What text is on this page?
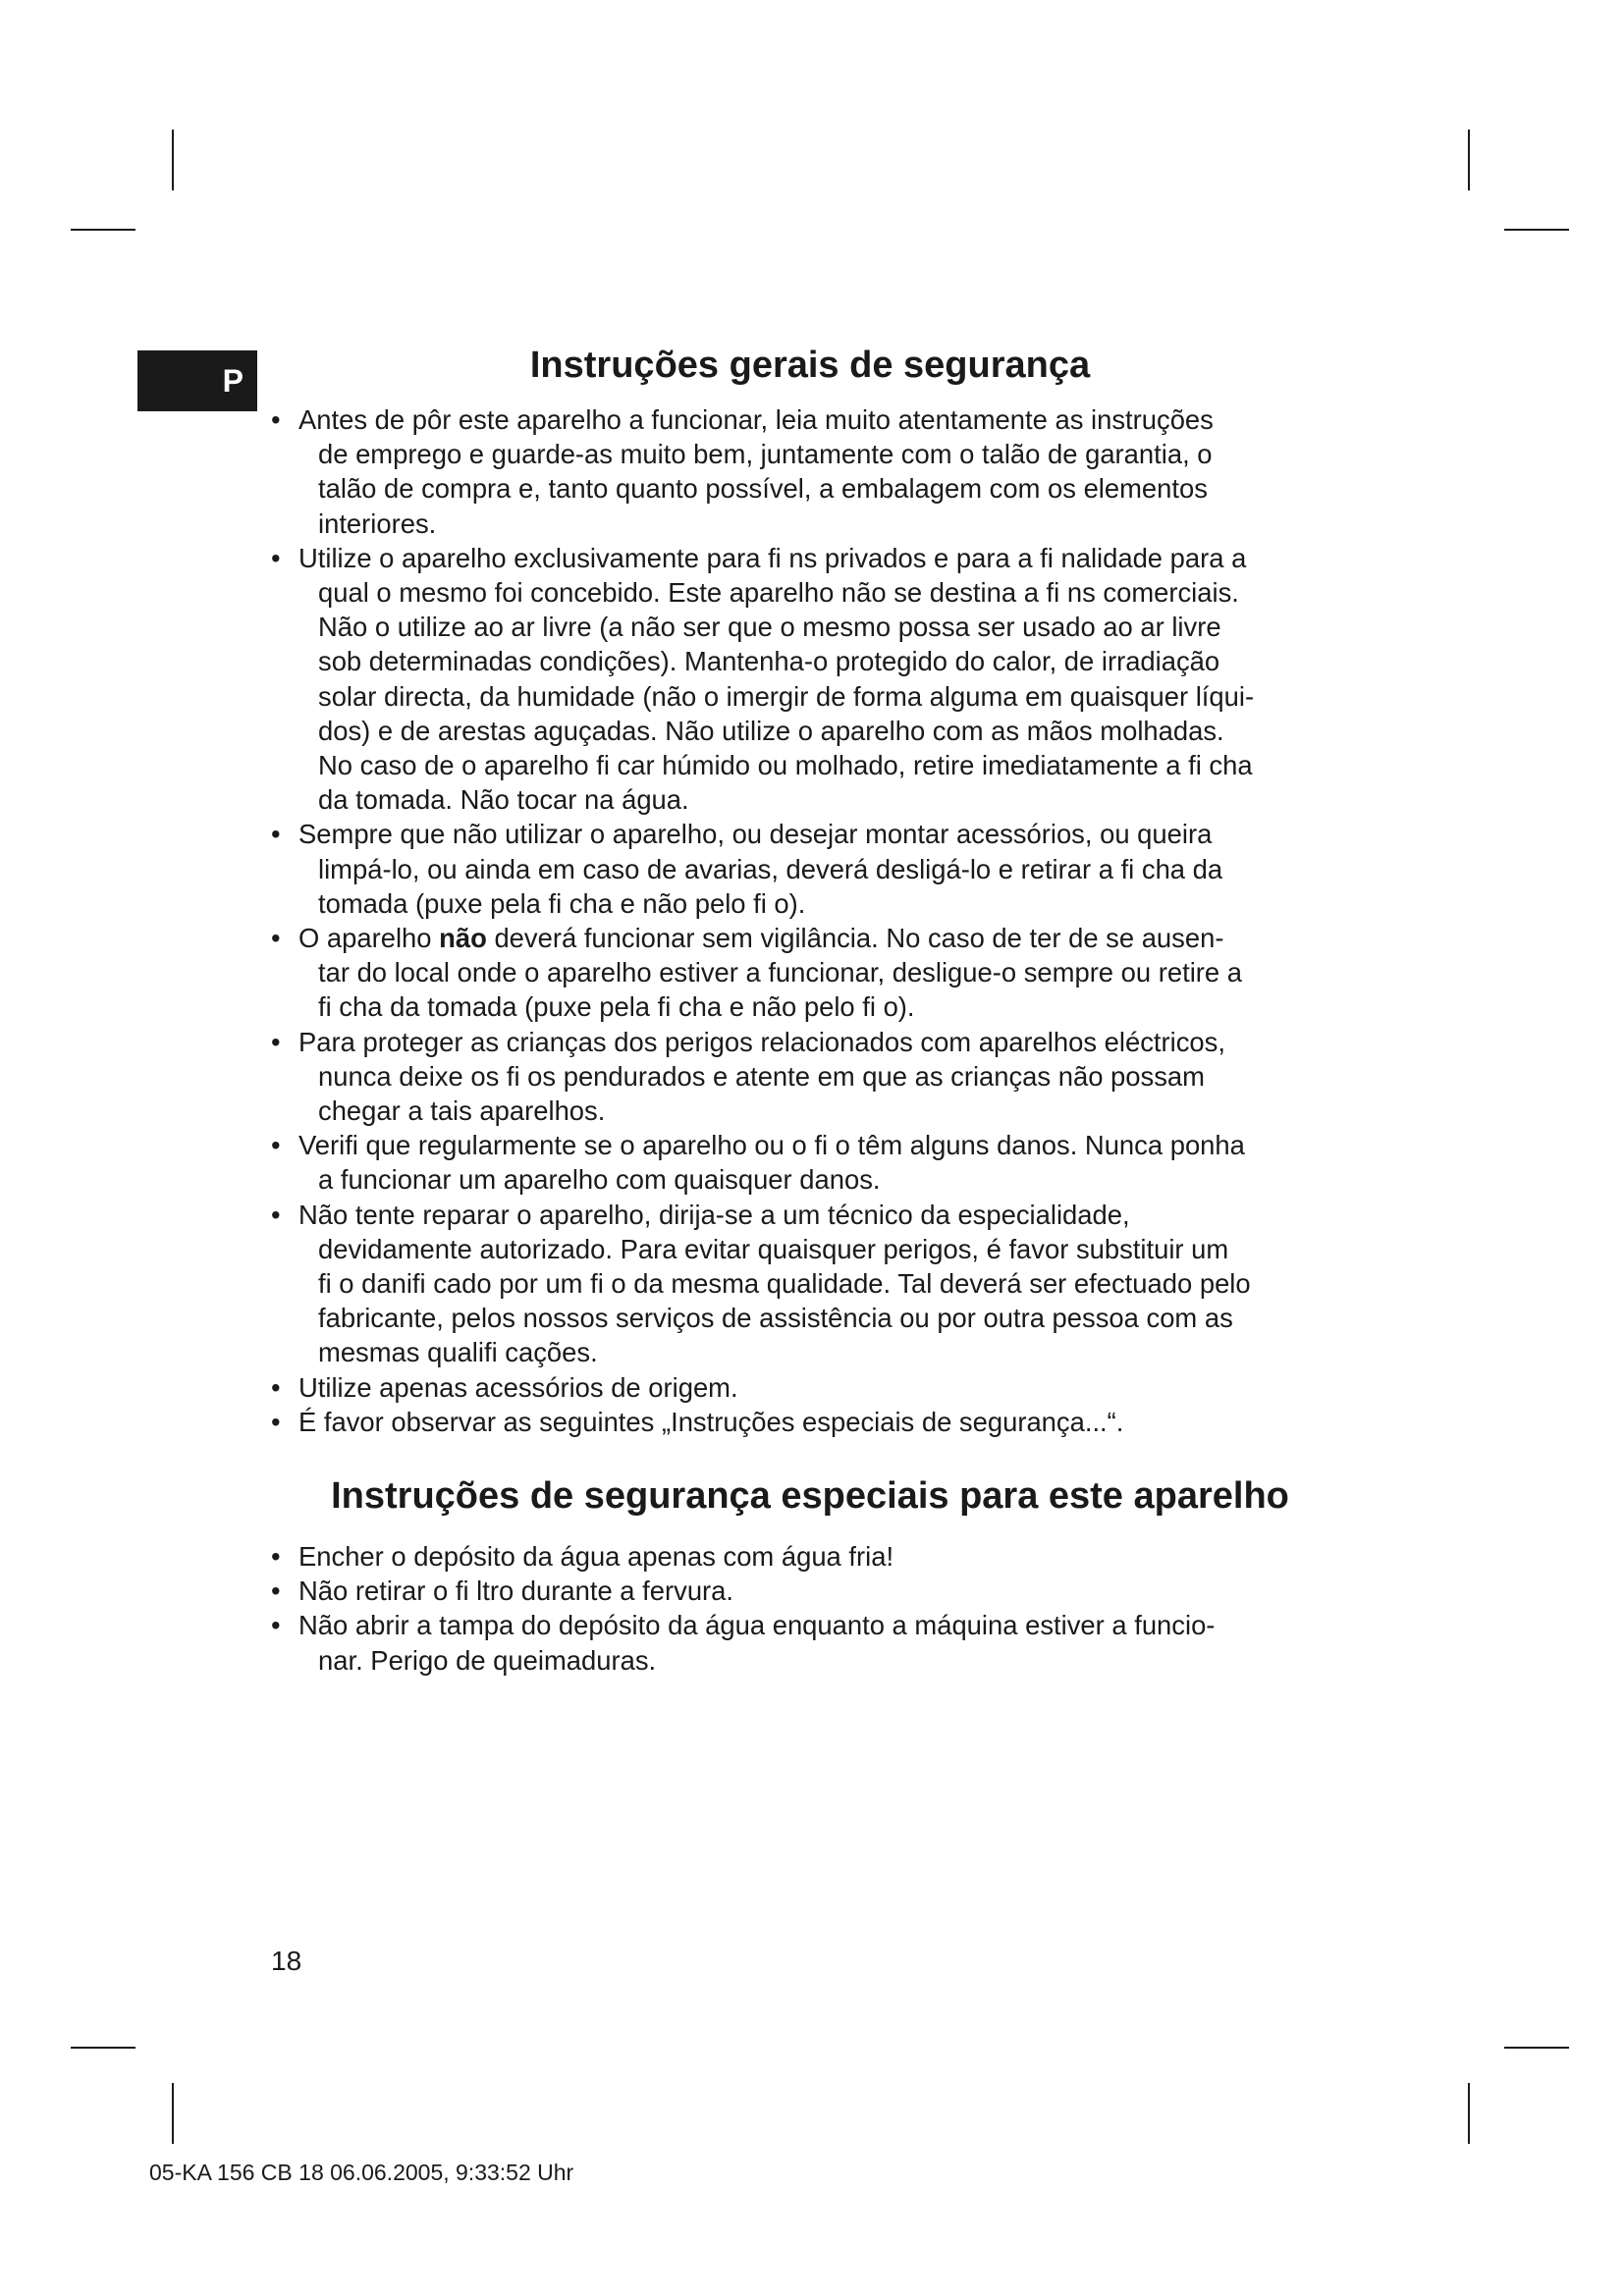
P	Instruções gerais de segurança
• Antes de pôr este aparelho a funcionar, leia muito atentamente as instruções
de emprego e guarde-as muito bem, juntamente com o talão de garantia, o
talão de compra e, tanto quanto possível, a embalagem com os elementos
interiores.
• Utilize o aparelho exclusivamente para fi ns privados e para a fi nalidade para a
qual o mesmo foi concebido. Este aparelho não se destina a fi ns comerciais.
Não o utilize ao ar livre (a não ser que o mesmo possa ser usado ao ar livre
sob determinadas condições). Mantenha-o protegido do calor, de irradiação
solar directa, da humidade (não o imergir de forma alguma em quaisquer líqui-
dos) e de arestas aguçadas. Não utilize o aparelho com as mãos molhadas.
No caso de o aparelho fi car húmido ou molhado, retire imediatamente a fi cha
da tomada. Não tocar na água.
• Sempre que não utilizar o aparelho, ou desejar montar acessórios, ou queira
limpá-lo, ou ainda em caso de avarias, deverá desligá-lo e retirar a fi cha da
tomada (puxe pela fi cha e não pelo fi o).
• O aparelho não deverá funcionar sem vigilância. No caso de ter de se ausen-
tar do local onde o aparelho estiver a funcionar, desligue-o sempre ou retire a
fi cha da tomada (puxe pela fi cha e não pelo fi o).
• Para proteger as crianças dos perigos relacionados com aparelhos eléctricos,
nunca deixe os fi os pendurados e atente em que as crianças não possam
chegar a tais aparelhos.
• Verifi que regularmente se o aparelho ou o fi o têm alguns danos. Nunca ponha
a funcionar um aparelho com quaisquer danos.
• Não tente reparar o aparelho, dirija-se a um técnico da especialidade,
devidamente autorizado. Para evitar quaisquer perigos, é favor substituir um
fi o danifi cado por um fi o da mesma qualidade. Tal deverá ser efectuado pelo
fabricante, pelos nossos serviços de assistência ou por outra pessoa com as
mesmas qualifi cações.
• Utilize apenas acessórios de origem.
• É favor observar as seguintes „Instruções especiais de segurança...“.
Instruções de segurança especiais para este aparelho
• Encher o depósito da água apenas com água fria!
• Não retirar o fi ltro durante a fervura.
• Não abrir a tampa do depósito da água enquanto a máquina estiver a funcio-
nar. Perigo de queimaduras.
18
05-KA 156 CB 18 06.06.2005, 9:33:52 Uhr
